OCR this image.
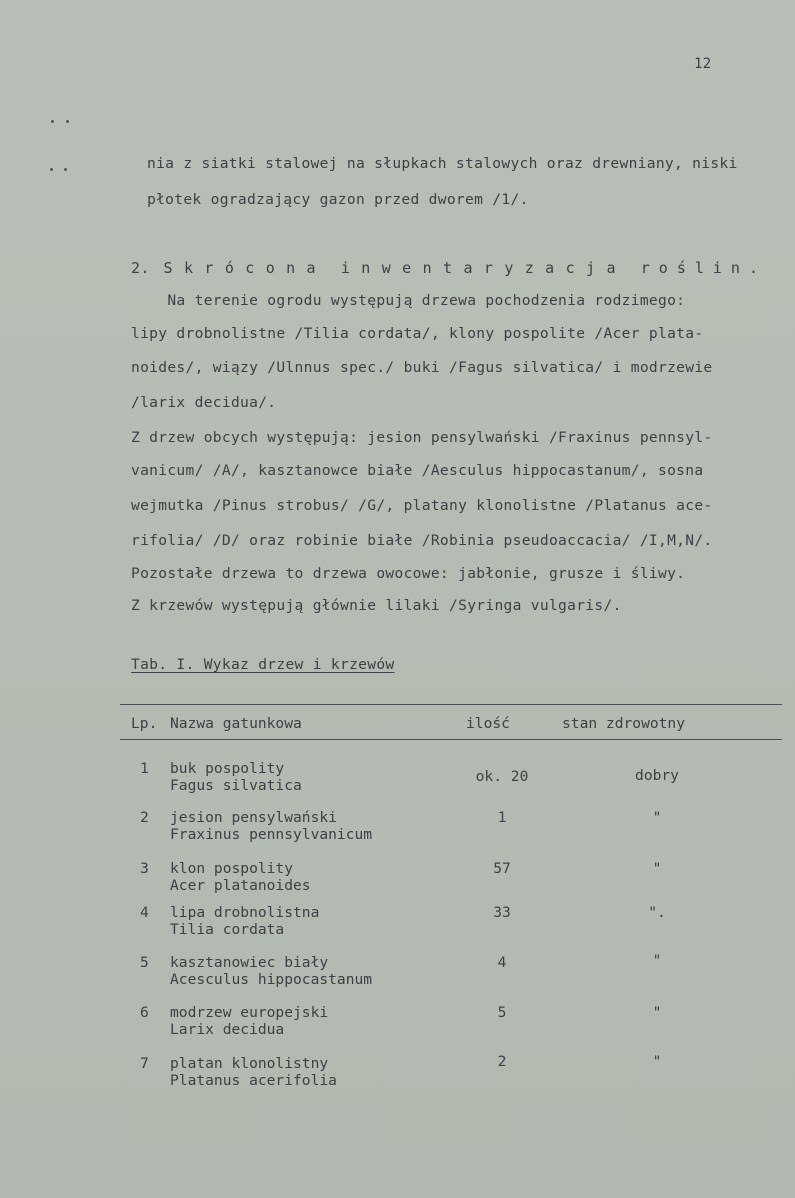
12
nia z siatki stalowej na słupkach stalowych oraz drewniany, niski
płotek ogradzający gazon przed dworem /1/.
2. Skrócona inwentaryzacja roślin.
Na terenie ogrodu występują drzewa pochodzenia rodzimego:
lipy drobnolistne /Tilia cordata/, klony pospolite /Acer plata-
noides/, wiązy /Ulnnus spec./ buki /Fagus silvatica/ i modrzewie
/larix decidua/.
Z drzew obcych występują: jesion pensylwański /Fraxinus pennsyl-
vanicum/ /A/, kasztanowce białe /Aesculus hippocastanum/, sosna
wejmutka /Pinus strobus/ /G/, platany klonolistne /Platanus ace-
rifolia/ /D/ oraz robinie białe /Robinia pseudoaccacia/ /I,M,N/.
Pozostałe drzewa to drzewa owocowe: jabłonie, grusze i śliwy.
Z krzewów występują głównie lilaki /Syringa vulgaris/.
Tab. I. Wykaz drzew i krzewów
Lp. Nazwa gatunkowa	ilość	stan zdrowotny
1 buk pospolity
Fagus silvatica
ok. 20	dobry
2 jesion pensylwański
Fraxinus pennsylvanicum
1	"
3 klon pospolity
Acer platanoides
57	"
4 lipa drobnolistna
Tilia cordata
33	".
5 kasztanowiec biały
Acesculus hippocastanum
4	"
6 modrzew europejski
Larix decidua
5	"
7 platan klonolistny
Platanus acerifolia
2	"
